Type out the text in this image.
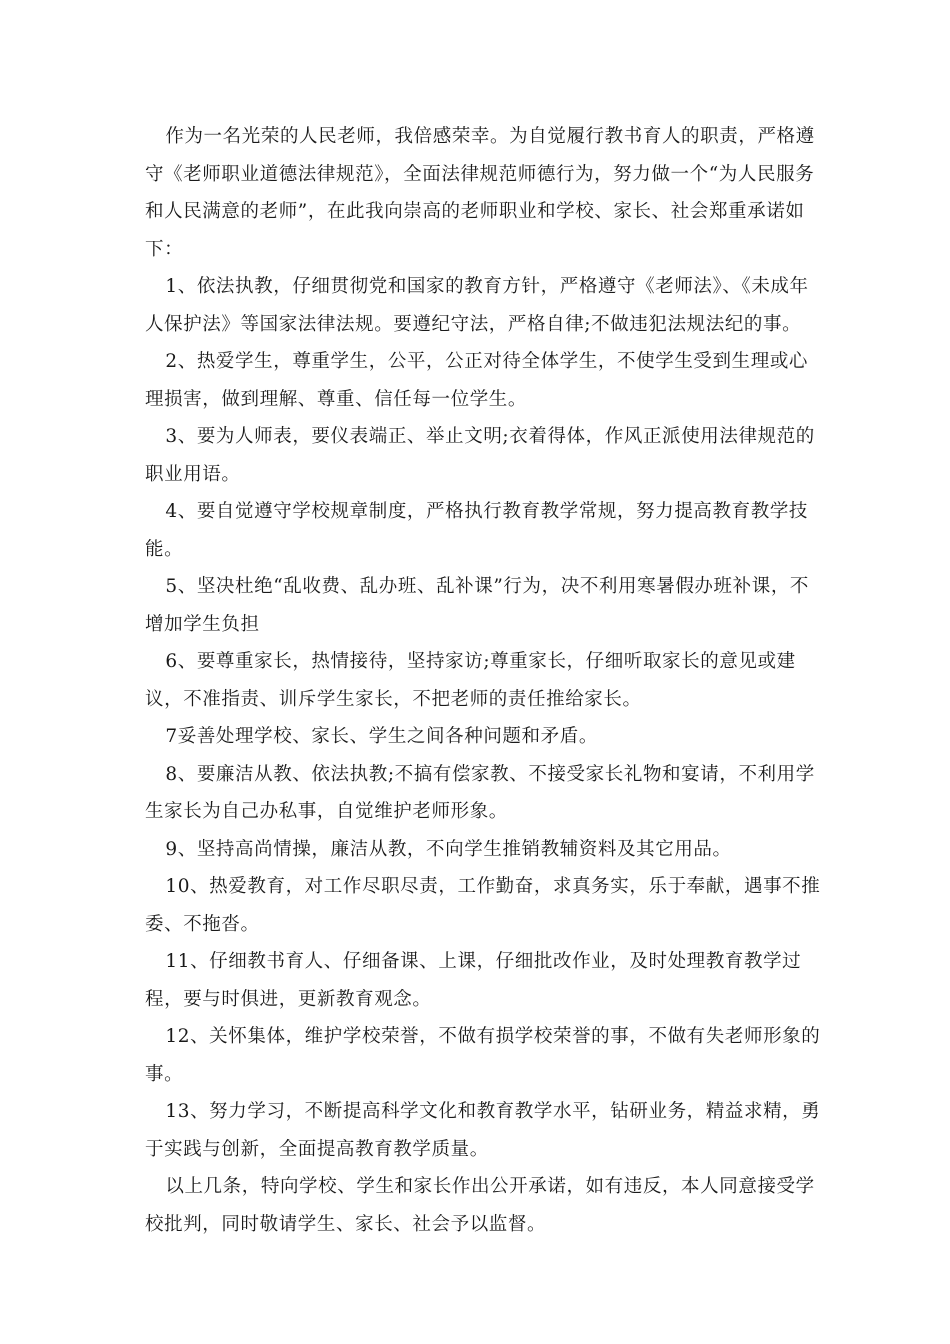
作为一名光荣的人民老师，我倍感荣幸。为自觉履行教书育人的职责，严格遵守《老师职业道德法律规范》，全面法律规范师德行为，努力做一个“为人民服务和人民满意的老师”，在此我向崇高的老师职业和学校、家长、社会郑重承诺如下：

1、依法执教，仔细贯彻党和国家的教育方针，严格遵守《老师法》、《未成年人保护法》等国家法律法规。要遵纪守法，严格自律;不做违犯法规法纪的事。

2、热爱学生，尊重学生，公平，公正对待全体学生，不使学生受到生理或心理损害，做到理解、尊重、信任每一位学生。

3、要为人师表，要仪表端正、举止文明;衣着得体，作风正派使用法律规范的职业用语。

4、要自觉遵守学校规章制度，严格执行教育教学常规，努力提高教育教学技能。

5、坚决杜绝“乱收费、乱办班、乱补课”行为，决不利用寒暑假办班补课，不增加学生负担

6、要尊重家长，热情接待，坚持家访;尊重家长，仔细听取家长的意见或建议，不准指责、训斥学生家长，不把老师的责任推给家长。

7妥善处理学校、家长、学生之间各种问题和矛盾。

8、要廉洁从教、依法执教;不搞有偿家教、不接受家长礼物和宴请，不利用学生家长为自己办私事，自觉维护老师形象。

9、坚持高尚情操，廉洁从教，不向学生推销教辅资料及其它用品。

10、热爱教育，对工作尽职尽责，工作勤奋，求真务实，乐于奉献，遇事不推委、不拖沓。

11、仔细教书育人、仔细备课、上课，仔细批改作业，及时处理教育教学过程，要与时俱进，更新教育观念。

12、关怀集体，维护学校荣誉，不做有损学校荣誉的事，不做有失老师形象的事。

13、努力学习，不断提高科学文化和教育教学水平，钻研业务，精益求精，勇于实践与创新，全面提高教育教学质量。

以上几条，特向学校、学生和家长作出公开承诺，如有违反，本人同意接受学校批判，同时敬请学生、家长、社会予以监督。
